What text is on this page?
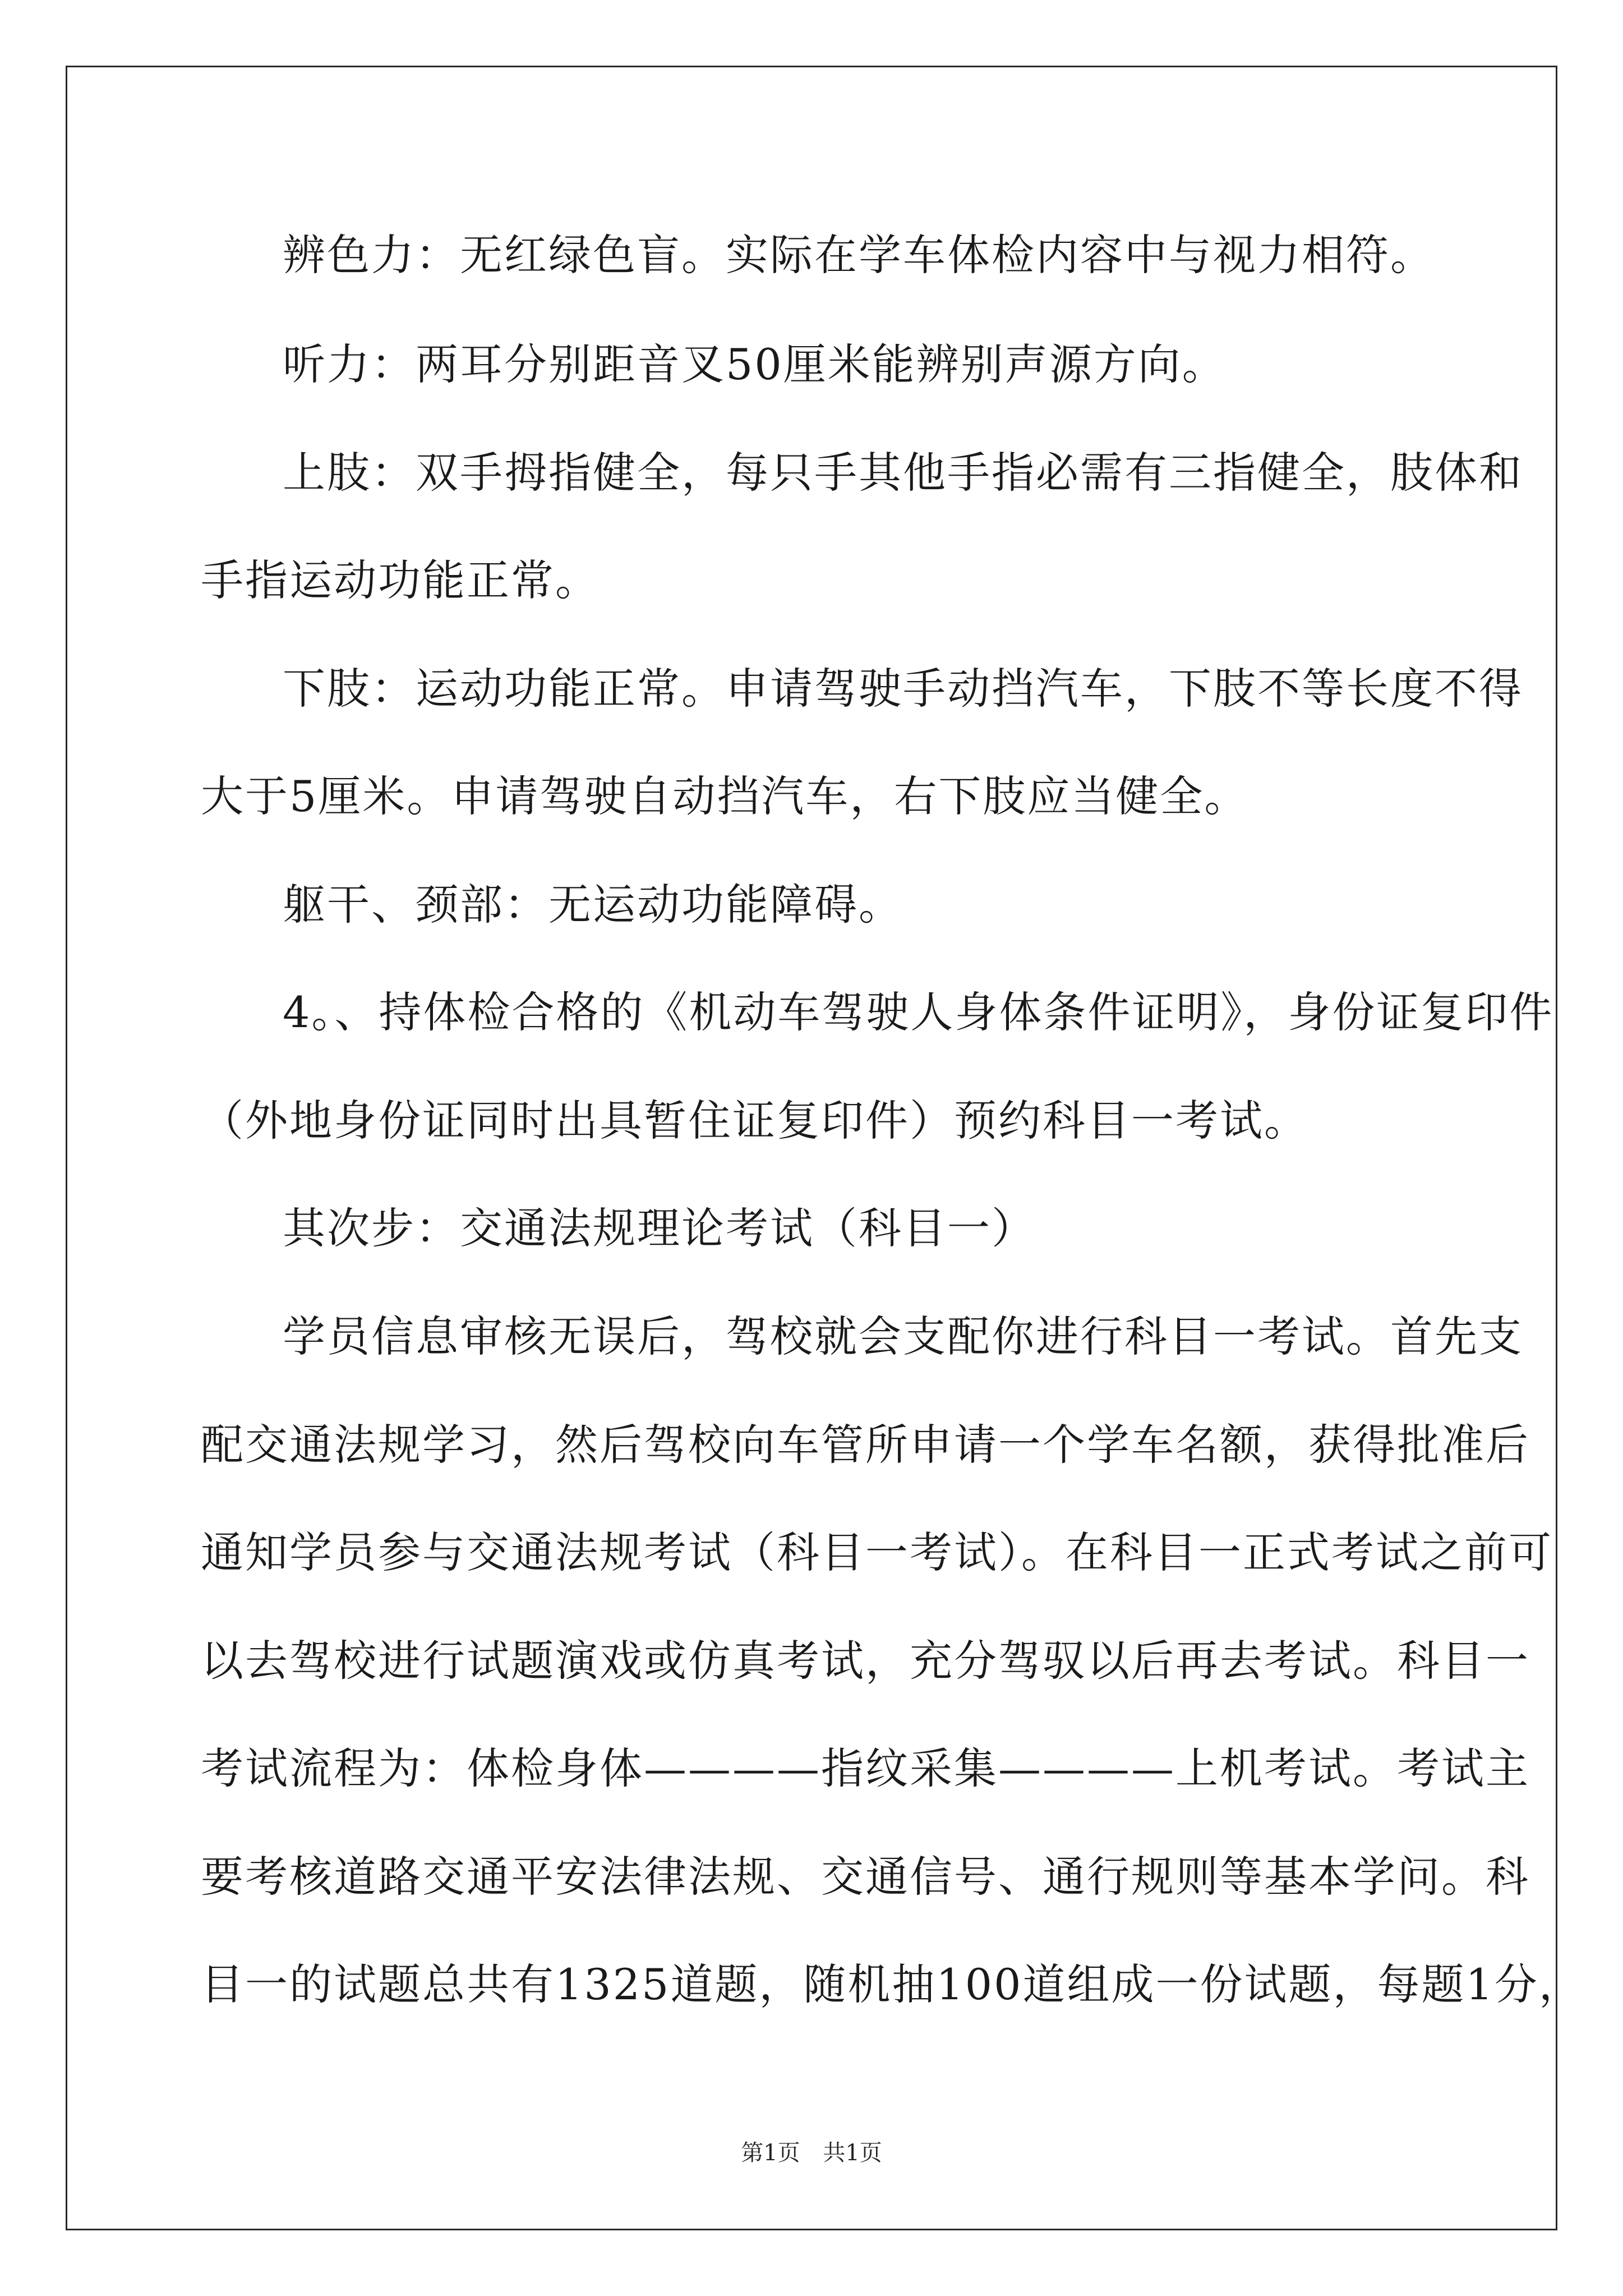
辨色力：无红绿色盲。实际在学车体检内容中与视力相符。
听力：两耳分别距音叉50厘米能辨别声源方向。
上肢：双手拇指健全，每只手其他手指必需有三指健全，肢体和
手指运动功能正常。
下肢：运动功能正常。申请驾驶手动挡汽车，下肢不等长度不得
大于5厘米。申请驾驶自动挡汽车，右下肢应当健全。
躯干、颈部：无运动功能障碍。
4。、持体检合格的《机动车驾驶人身体条件证明》，身份证复印件
（外地身份证同时出具暂住证复印件）预约科目一考试。
其次步：交通法规理论考试（科目一）
学员信息审核无误后，驾校就会支配你进行科目一考试。首先支
配交通法规学习，然后驾校向车管所申请一个学车名额，获得批准后
通知学员参与交通法规考试（科目一考试）。在科目一正式考试之前可
以去驾校进行试题演戏或仿真考试，充分驾驭以后再去考试。科目一
考试流程为：体检身体————指纹采集————上机考试。考试主
要考核道路交通平安法律法规、交通信号、通行规则等基本学问。科
目一的试题总共有1325道题，随机抽100道组成一份试题，每题1分，
第1页 共1页
